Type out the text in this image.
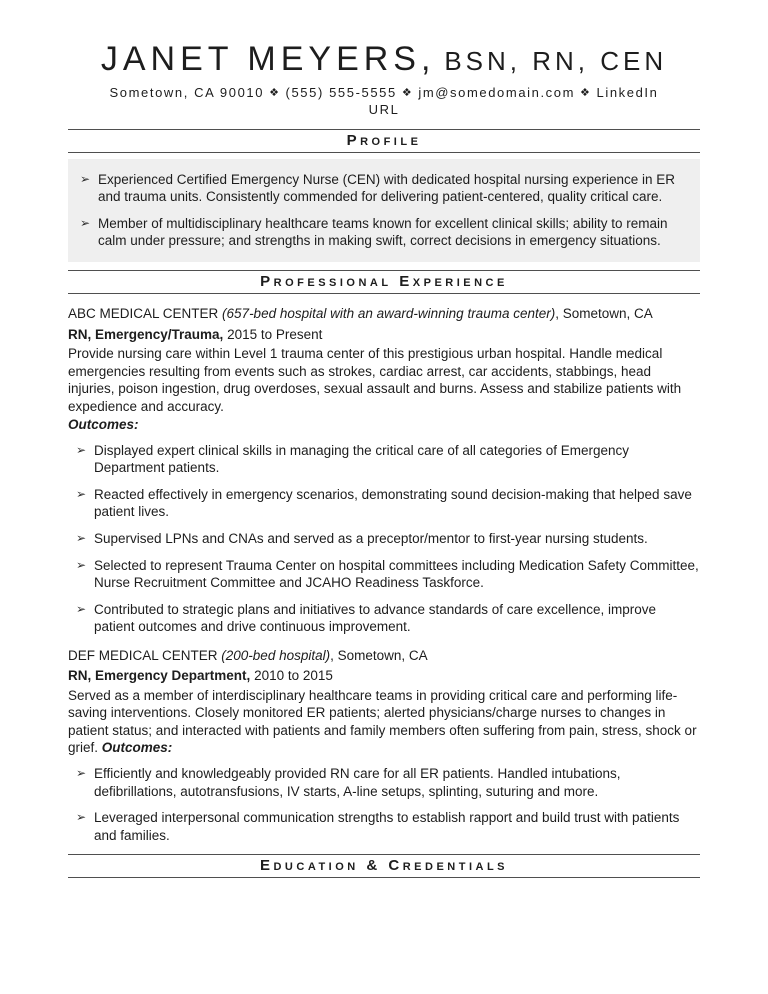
JANET MEYERS, BSN, RN, CEN
Sometown, CA 90010 ❖ (555) 555-5555 ❖ jm@somedomain.com ❖ LinkedIn
URL
Profile
➢ Experienced Certified Emergency Nurse (CEN) with dedicated hospital nursing experience in ER and trauma units. Consistently commended for delivering patient-centered, quality critical care.
➢ Member of multidisciplinary healthcare teams known for excellent clinical skills; ability to remain calm under pressure; and strengths in making swift, correct decisions in emergency situations.
Professional Experience

ABC MEDICAL CENTER (657-bed hospital with an award-winning trauma center), Sometown, CA

RN, Emergency/Trauma, 2015 to Present

Provide nursing care within Level 1 trauma center of this prestigious urban hospital. Handle medical emergencies resulting from events such as strokes, cardiac arrest, car accidents, stabbings, head injuries, poison ingestion, drug overdoses, sexual assault and burns. Assess and stabilize patients with expedience and accuracy.

Outcomes:

➢ Displayed expert clinical skills in managing the critical care of all categories of Emergency Department patients.
➢ Reacted effectively in emergency scenarios, demonstrating sound decision-making that helped save patient lives.
➢ Supervised LPNs and CNAs and served as a preceptor/mentor to first-year nursing students.
➢ Selected to represent Trauma Center on hospital committees including Medication Safety Committee, Nurse Recruitment Committee and JCAHO Readiness Taskforce.
➢ Contributed to strategic plans and initiatives to advance standards of care excellence, improve patient outcomes and drive continuous improvement.

DEF MEDICAL CENTER (200-bed hospital), Sometown, CA

RN, Emergency Department, 2010 to 2015

Served as a member of interdisciplinary healthcare teams in providing critical care and performing life-saving interventions. Closely monitored ER patients; alerted physicians/charge nurses to changes in patient status; and interacted with patients and family members often suffering from pain, stress, shock or grief. Outcomes:

➢ Efficiently and knowledgeably provided RN care for all ER patients. Handled intubations, defibrillations, autotransfusions, IV starts, A-line setups, splinting, suturing and more.
➢ Leveraged interpersonal communication strengths to establish rapport and build trust with patients and families.
Education & Credentials
